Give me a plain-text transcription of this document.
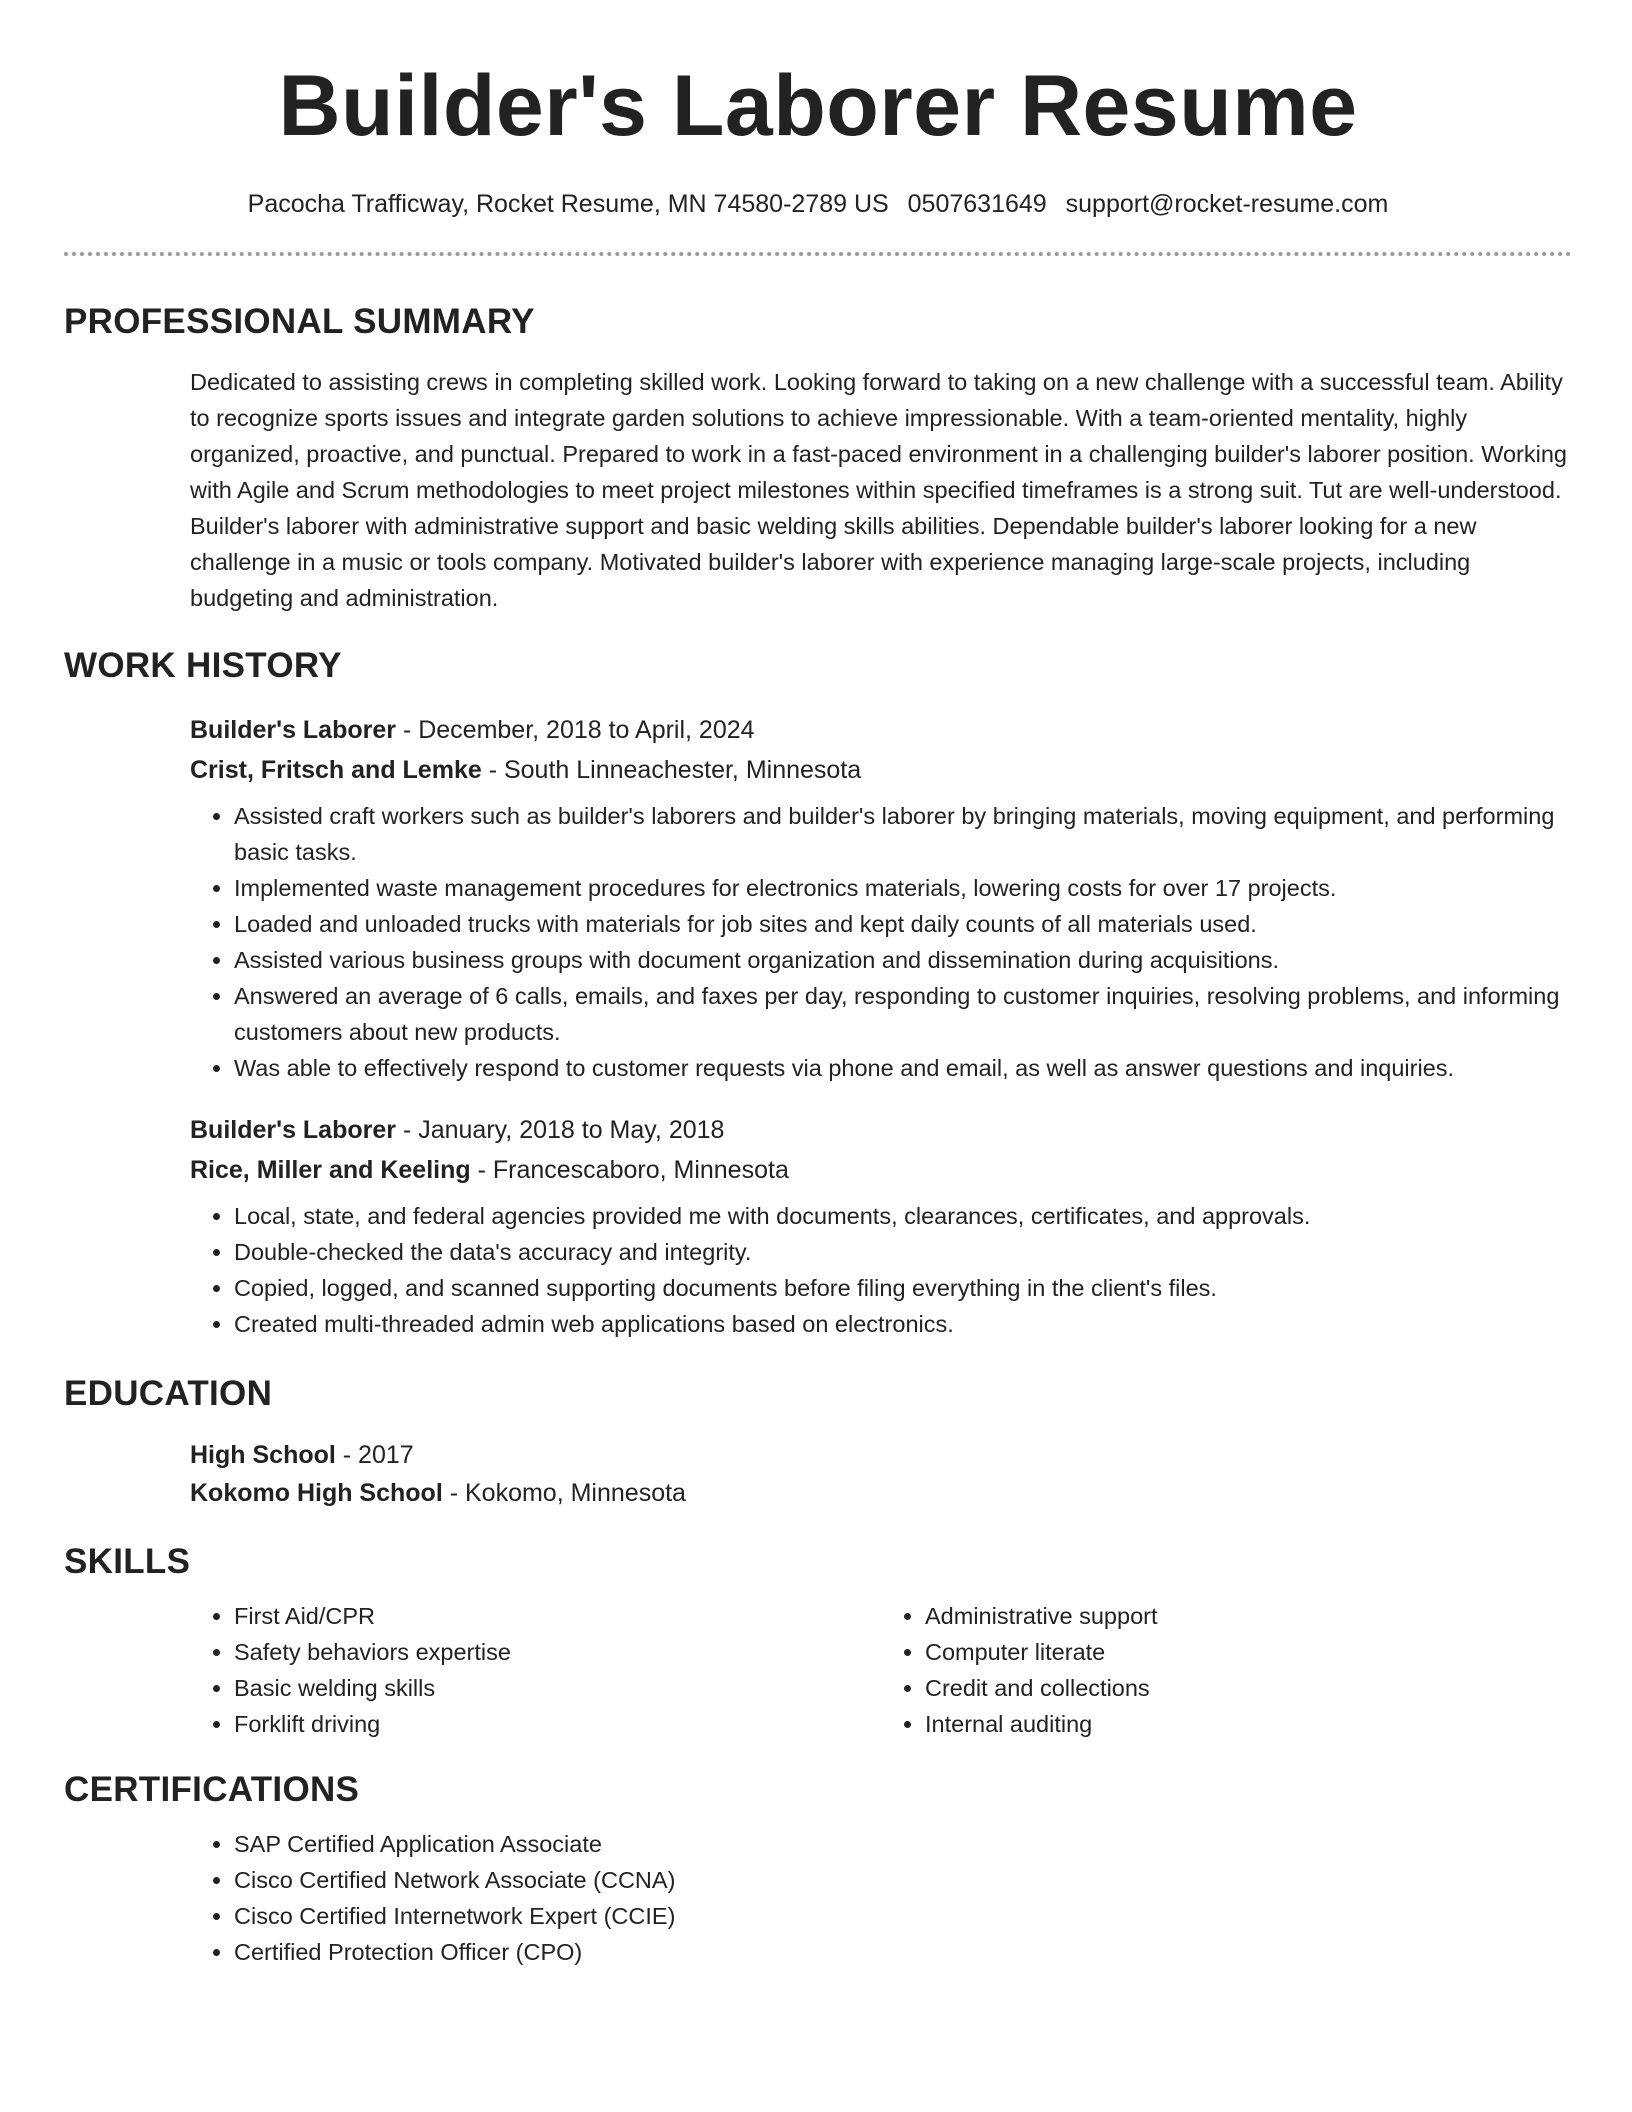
Builder's Laborer Resume
Pacocha Trafficway, Rocket Resume, MN 74580-2789 US 0507631649 support@rocket-resume.com
PROFESSIONAL SUMMARY

Dedicated to assisting crews in completing skilled work. Looking forward to taking on a new challenge with a successful team. Ability to recognize sports issues and integrate garden solutions to achieve impressionable. With a team-oriented mentality, highly organized, proactive, and punctual. Prepared to work in a fast-paced environment in a challenging builder's laborer position. Working with Agile and Scrum methodologies to meet project milestones within specified timeframes is a strong suit. Tut are well-understood. Builder's laborer with administrative support and basic welding skills abilities. Dependable builder's laborer looking for a new challenge in a music or tools company. Motivated builder's laborer with experience managing large-scale projects, including budgeting and administration.

WORK HISTORY
Builder's Laborer - December, 2018 to April, 2024
Crist, Fritsch and Lemke - South Linneachester, Minnesota
• Assisted craft workers such as builder's laborers and builder's laborer by bringing materials, moving equipment, and performing basic tasks.
• Implemented waste management procedures for electronics materials, lowering costs for over 17 projects.
• Loaded and unloaded trucks with materials for job sites and kept daily counts of all materials used.
• Assisted various business groups with document organization and dissemination during acquisitions.
• Answered an average of 6 calls, emails, and faxes per day, responding to customer inquiries, resolving problems, and informing customers about new products.
• Was able to effectively respond to customer requests via phone and email, as well as answer questions and inquiries.
Builder's Laborer - January, 2018 to May, 2018
Rice, Miller and Keeling - Francescaboro, Minnesota
• Local, state, and federal agencies provided me with documents, clearances, certificates, and approvals.
• Double-checked the data's accuracy and integrity.
• Copied, logged, and scanned supporting documents before filing everything in the client's files.
• Created multi-threaded admin web applications based on electronics.
EDUCATION
High School - 2017
Kokomo High School - Kokomo, Minnesota
SKILLS
• First Aid/CPR
• Safety behaviors expertise
• Basic welding skills
• Forklift driving
• Administrative support
• Computer literate
• Credit and collections
• Internal auditing
CERTIFICATIONS
• SAP Certified Application Associate
• Cisco Certified Network Associate (CCNA)
• Cisco Certified Internetwork Expert (CCIE)
• Certified Protection Officer (CPO)
